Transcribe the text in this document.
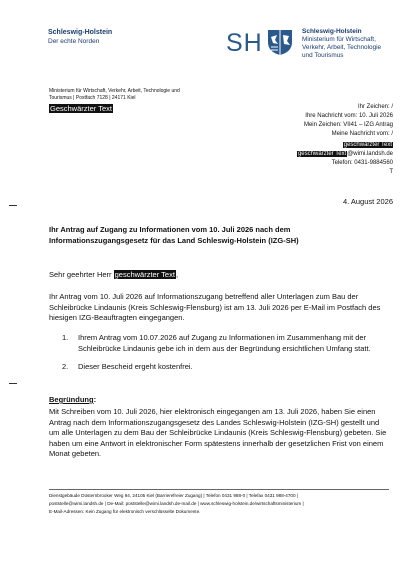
Schleswig-Holstein
Der echte Norden	SH	Schleswig-Holstein
Ministerium für Wirtschaft,
Verkehr, Arbeit, Technologie
und Tourismus
Ministerium für Wirtschaft, Verkehr, Arbeit, Technologie und
Tourismus | Postfach 7128 | 24171 Kiel
Geschwärzter Text	Ihr Zeichen: /
Ihre Nachricht vom: 10. Juli 2026
Mein Zeichen: VII41 – IZG Antrag
Meine Nachricht vom: /
geschwärzter Text
geschwärzter Text@wimi.landsh.de
Telefon: 0431-9884560
T
4. August 2026
Ihr Antrag auf Zugang zu Informationen vom 10. Juli 2026 nach dem Informationszugangsgesetz für das Land Schleswig-Holstein (IZG-SH)
Sehr geehrter Herr geschwärzter Text,
Ihr Antrag vom 10. Juli 2026 auf Informationszugang betreffend aller Unterlagen zum Bau der Schleibrücke Lindaunis (Kreis Schleswig-Flensburg) ist am 13. Juli 2026 per E-Mail im Postfach des hiesigen IZG-Beauftragten eingegangen.
1. Ihrem Antrag vom 10.07.2026 auf Zugang zu Informationen im Zusammenhang mit der Schleibrücke Lindaunis gebe ich in dem aus der Begründung ersichtlichen Umfang statt.
2. Dieser Bescheid ergeht kostenfrei.
Begründung:
Mit Schreiben vom 10. Juli 2026, hier elektronisch eingegangen am 13. Juli 2026, haben Sie einen Antrag nach dem Informationszugangsgesetz des Landes Schleswig-Holstein (IZG-SH) gestellt und um alle Unterlagen zu dem Bau der Schleibrücke Lindaunis (Kreis Schleswig-Flensburg) gebeten. Sie haben um eine Antwort in elektronischer Form spätestens innerhalb der gesetzlichen Frist von einem Monat gebeten.
Dienstgebäude Düsternbrooker Weg 94, 24105 Kiel (Barrierefreier Zugang) | Telefon 0431 988-0 | Telefax 0431 988-4700 |
poststelle@wimi.landsh.de | De-Mail: poststelle@wimi.landsh.de-mail.de | www.schleswig-holstein.de/wirtschaftsministerium |
E-Mail-Adressen: Kein Zugang für elektronisch verschlüsselte Dokumente.
